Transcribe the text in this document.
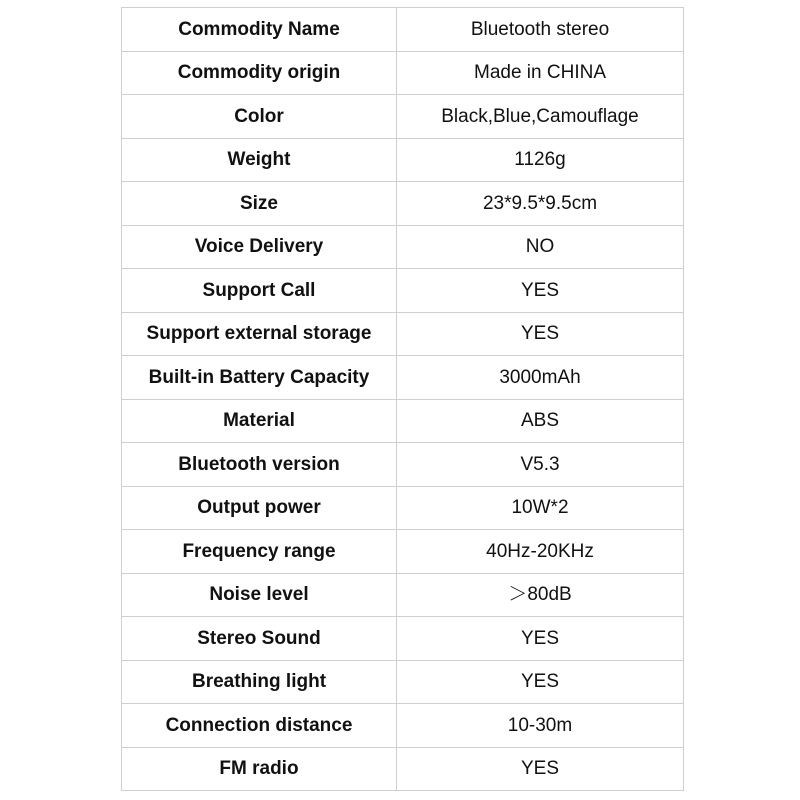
Commodity Name	Bluetooth stereo
Commodity origin	Made in CHINA
Color	Black,Blue,Camouflage
Weight	1126g
Size	23*9.5*9.5cm
Voice Delivery	NO
Support Call	YES
Support external storage	YES
Built-in Battery Capacity	3000mAh
Material	ABS
Bluetooth version	V5.3
Output power	10W*2
Frequency range	40Hz-20KHz
Noise level	＞80dB
Stereo Sound	YES
Breathing light	YES
Connection distance	10-30m
FM radio	YES
